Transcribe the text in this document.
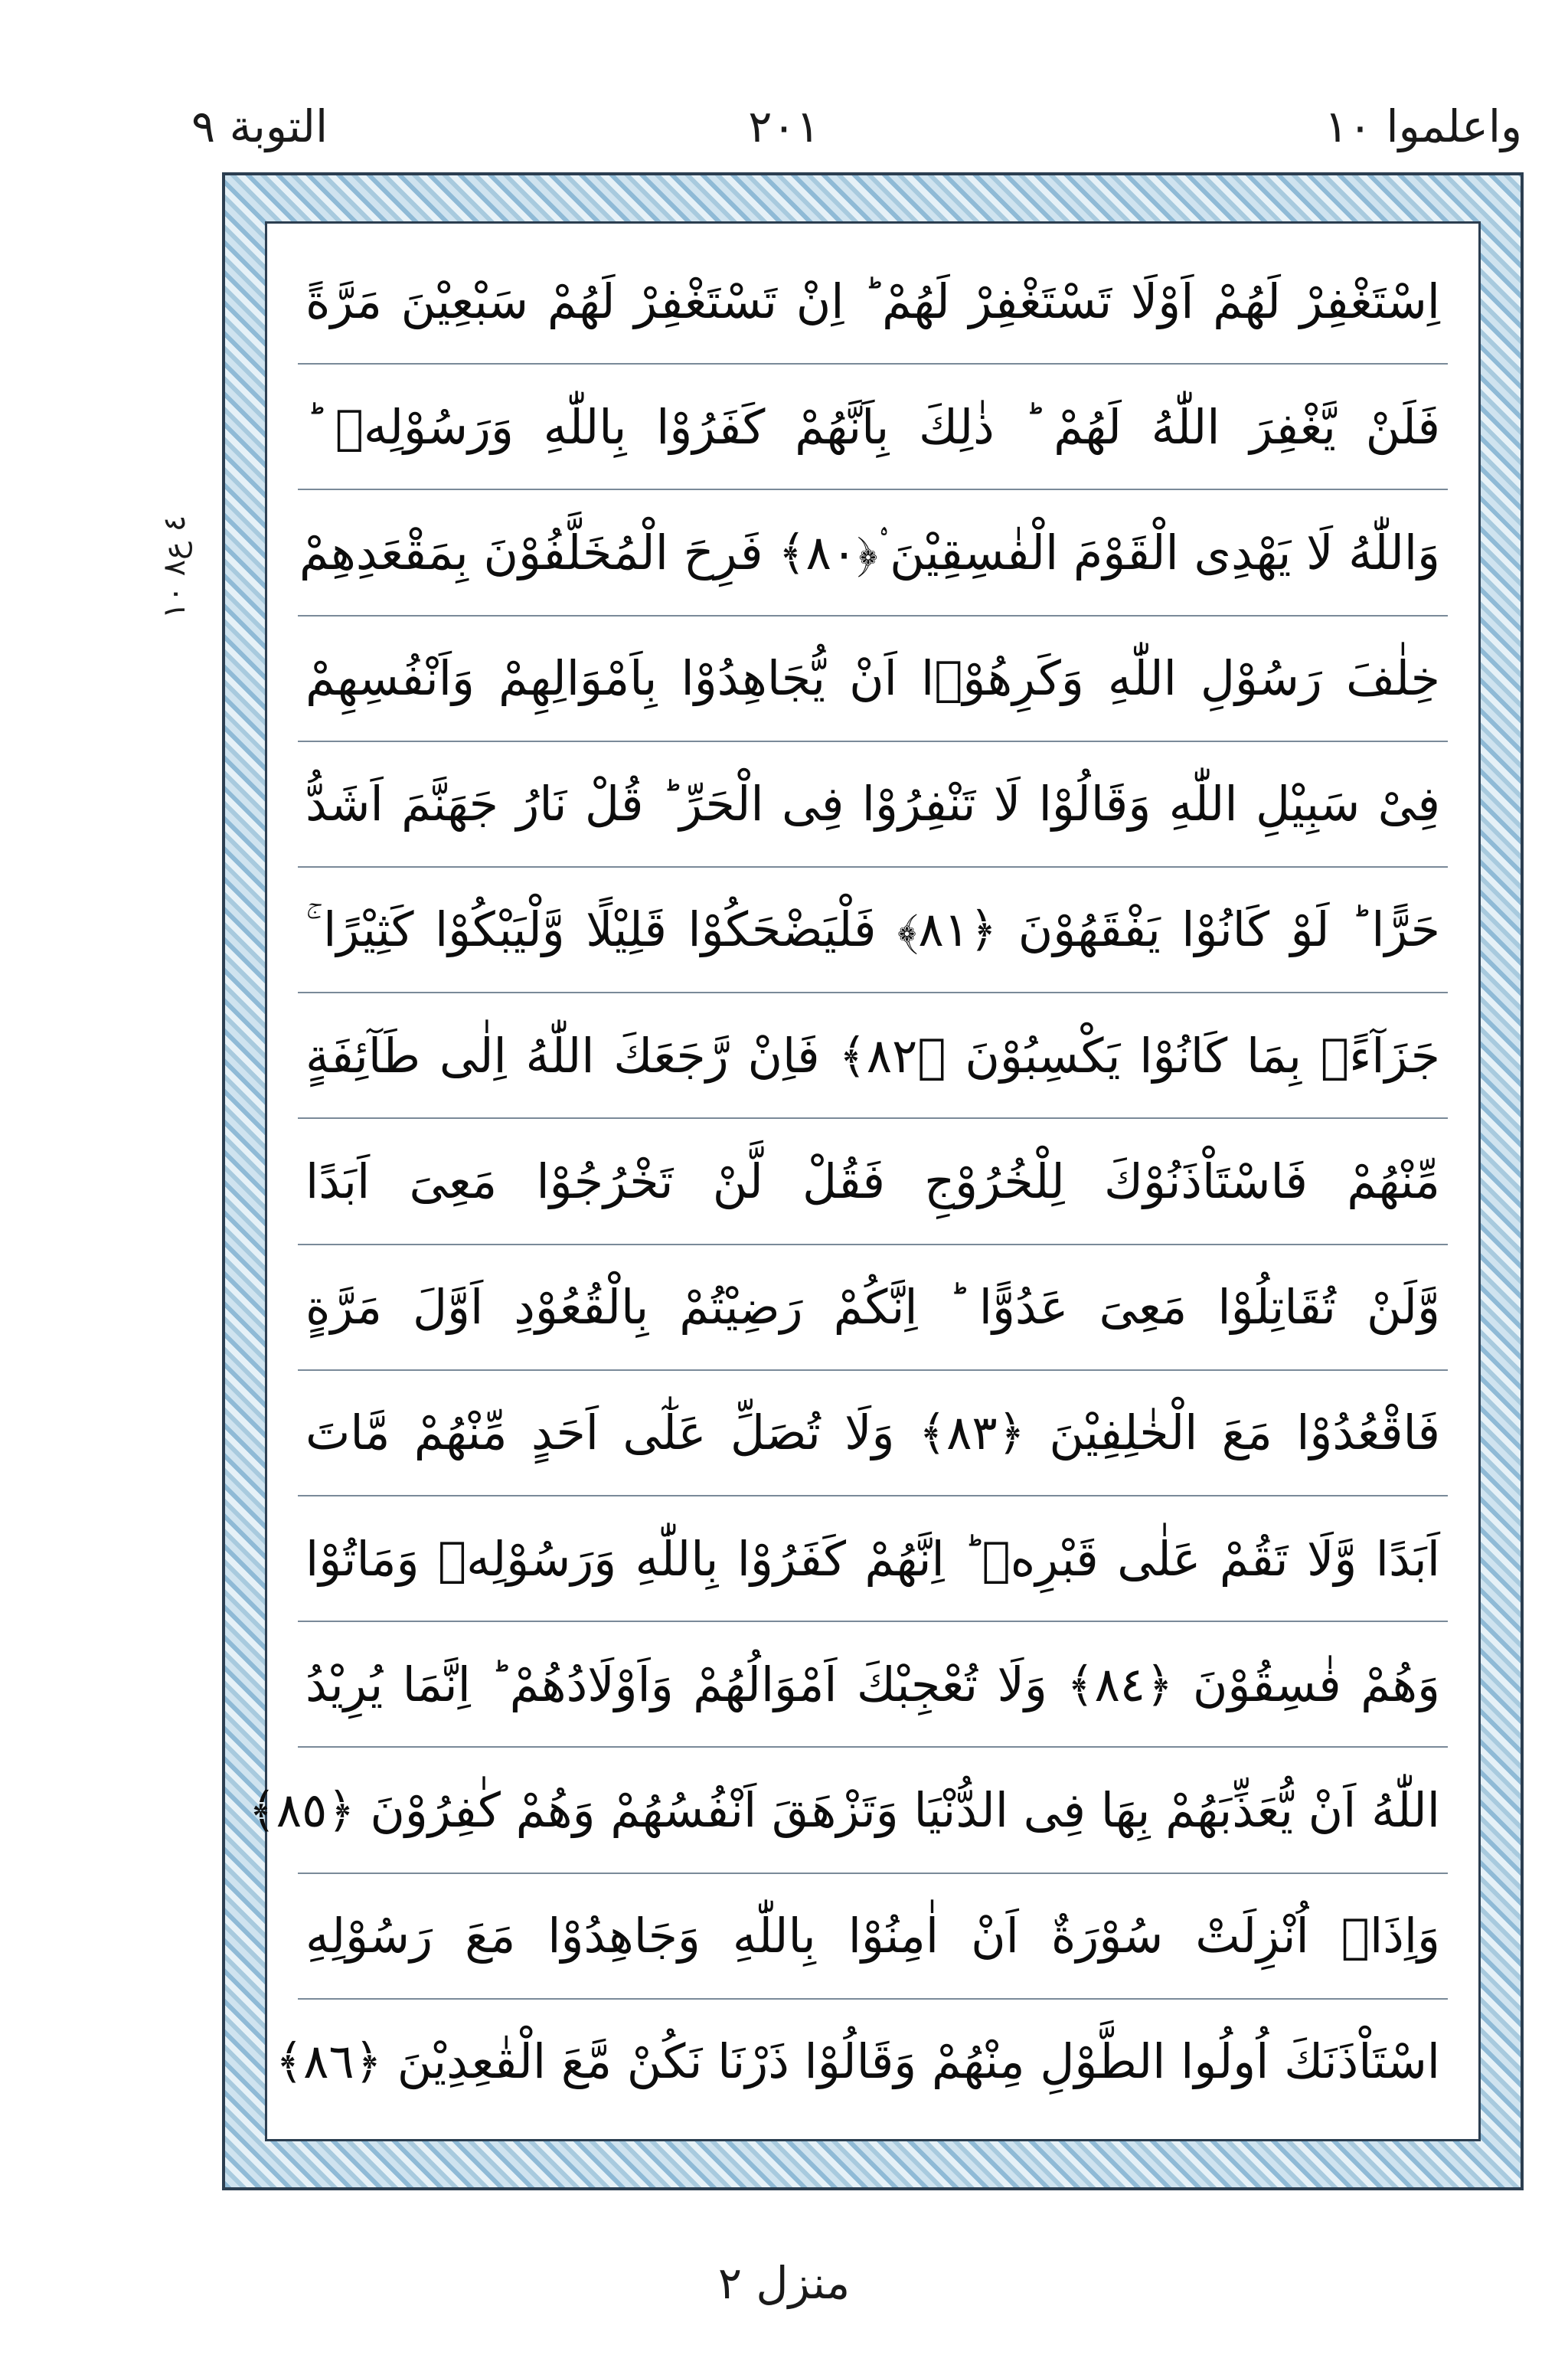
واعلموا ١٠
٢٠١
التوبة ٩
٤ ع٨ ١٠
اِسْتَغْفِرْ لَهُمْ اَوْلَا تَسْتَغْفِرْ لَهُمْ ؕ اِنْ تَسْتَغْفِرْ لَهُمْ سَبْعِيْنَ مَرَّةً
فَلَنْ يَّغْفِرَ اللّٰهُ لَهُمْ ؕ ذٰلِكَ بِاَنَّهُمْ كَفَرُوْا بِاللّٰهِ وَرَسُوْلِهٖ ؕ
وَاللّٰهُ لَا يَهْدِى الْقَوْمَ الْفٰسِقِيْنَ ۟﴿٨٠﴾ فَرِحَ الْمُخَلَّفُوْنَ بِمَقْعَدِهِمْ
خِلٰفَ رَسُوْلِ اللّٰهِ وَكَرِهُوْۤا اَنْ يُّجَاهِدُوْا بِاَمْوَالِهِمْ وَاَنْفُسِهِمْ
فِىْ سَبِيْلِ اللّٰهِ وَقَالُوْا لَا تَنْفِرُوْا فِى الْحَرِّ ؕ قُلْ نَارُ جَهَنَّمَ اَشَدُّ
حَرًّا ؕ لَوْ كَانُوْا يَفْقَهُوْنَ ﴿٨١﴾ فَلْيَضْحَكُوْا قَلِيْلًا وَّلْيَبْكُوْا كَثِيْرًا ۚ
جَزَآءًۢ بِمَا كَانُوْا يَكْسِبُوْنَ ﴿٨٢﴾ فَاِنْ رَّجَعَكَ اللّٰهُ اِلٰى طَآئِفَةٍ
مِّنْهُمْ فَاسْتَاْذَنُوْكَ لِلْخُرُوْجِ فَقُلْ لَّنْ تَخْرُجُوْا مَعِىَ اَبَدًا
وَّلَنْ تُقَاتِلُوْا مَعِىَ عَدُوًّا ؕ اِنَّكُمْ رَضِيْتُمْ بِالْقُعُوْدِ اَوَّلَ مَرَّةٍ
فَاقْعُدُوْا مَعَ الْخٰلِفِيْنَ ﴿٨٣﴾ وَلَا تُصَلِّ عَلٰٓى اَحَدٍ مِّنْهُمْ مَّاتَ
اَبَدًا وَّلَا تَقُمْ عَلٰى قَبْرِهٖ ؕ اِنَّهُمْ كَفَرُوْا بِاللّٰهِ وَرَسُوْلِهٖ وَمَاتُوْا
وَهُمْ فٰسِقُوْنَ ﴿٨٤﴾ وَلَا تُعْجِبْكَ اَمْوَالُهُمْ وَاَوْلَادُهُمْ ؕ اِنَّمَا يُرِيْدُ
اللّٰهُ اَنْ يُّعَذِّبَهُمْ بِهَا فِى الدُّنْيَا وَتَزْهَقَ اَنْفُسُهُمْ وَهُمْ كٰفِرُوْنَ ﴿٨٥﴾
وَاِذَاۤ اُنْزِلَتْ سُوْرَةٌ اَنْ اٰمِنُوْا بِاللّٰهِ وَجَاهِدُوْا مَعَ رَسُوْلِهِ
اسْتَاْذَنَكَ اُولُوا الطَّوْلِ مِنْهُمْ وَقَالُوْا ذَرْنَا نَكُنْ مَّعَ الْقٰعِدِيْنَ ﴿٨٦﴾
منزل ٢
